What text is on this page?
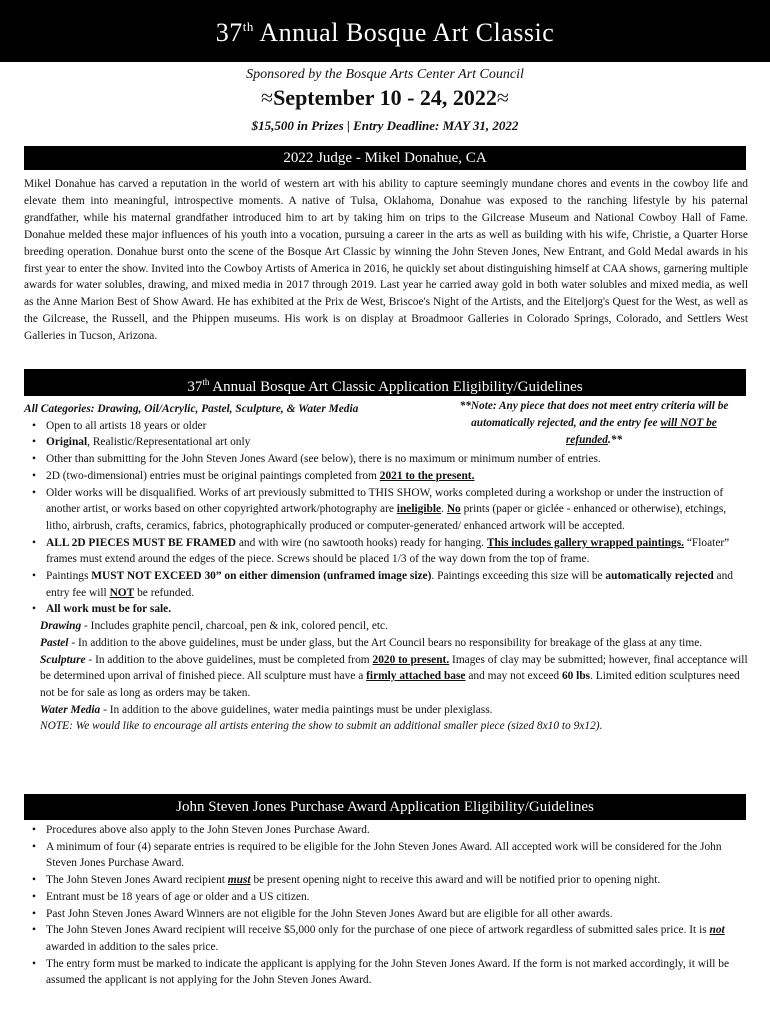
37th Annual Bosque Art Classic
Sponsored by the Bosque Arts Center Art Council
≈September 10 - 24, 2022≈
$15,500 in Prizes | Entry Deadline: MAY 31, 2022
2022 Judge - Mikel Donahue, CA
Mikel Donahue has carved a reputation in the world of western art with his ability to capture seemingly mundane chores and events in the cowboy life and elevate them into meaningful, introspective moments. A native of Tulsa, Oklahoma, Donahue was exposed to the ranching lifestyle by his paternal grandfather, while his maternal grandfather introduced him to art by taking him on trips to the Gilcrease Museum and National Cowboy Hall of Fame. Donahue melded these major influences of his youth into a vocation, pursuing a career in the arts as well as building with his wife, Christie, a Quarter Horse breeding operation. Donahue burst onto the scene of the Bosque Art Classic by winning the John Steven Jones, New Entrant, and Gold Medal awards in his first year to enter the show. Invited into the Cowboy Artists of America in 2016, he quickly set about distinguishing himself at CAA shows, garnering multiple awards for water solubles, drawing, and mixed media in 2017 through 2019. Last year he carried away gold in both water solubles and mixed media, as well as the Anne Marion Best of Show Award. He has exhibited at the Prix de West, Briscoe's Night of the Artists, and the Eiteljorg's Quest for the West, as well as the Gilcrease, the Russell, and the Phippen museums. His work is on display at Broadmoor Galleries in Colorado Springs, Colorado, and Settlers West Galleries in Tucson, Arizona.
37th Annual Bosque Art Classic Application Eligibility/Guidelines
**Note: Any piece that does not meet entry criteria will be automatically rejected, and the entry fee will NOT be refunded.**
All Categories: Drawing, Oil/Acrylic, Pastel, Sculpture, & Water Media
• Open to all artists 18 years or older
• Original, Realistic/Representational art only
• Other than submitting for the John Steven Jones Award (see below), there is no maximum or minimum number of entries.
• 2D (two-dimensional) entries must be original paintings completed from 2021 to the present.
• Older works will be disqualified. Works of art previously submitted to THIS SHOW, works completed during a workshop or under the instruction of another artist, or works based on other copyrighted artwork/photography are ineligible. No prints (paper or giclée - enhanced or otherwise), etchings, litho, airbrush, crafts, ceramics, fabrics, photographically produced or computer-generated/ enhanced artwork will be accepted.
• ALL 2D PIECES MUST BE FRAMED and with wire (no sawtooth hooks) ready for hanging. This includes gallery wrapped paintings. “Floater” frames must extend around the edges of the piece. Screws should be placed 1/3 of the way down from the top of frame.
• Paintings MUST NOT EXCEED 30” on either dimension (unframed image size). Paintings exceeding this size will be automatically rejected and entry fee will NOT be refunded.
• All work must be for sale.
Drawing - Includes graphite pencil, charcoal, pen & ink, colored pencil, etc.
Pastel - In addition to the above guidelines, must be under glass, but the Art Council bears no responsibility for breakage of the glass at any time.
Sculpture - In addition to the above guidelines, must be completed from 2020 to present. Images of clay may be submitted; however, final acceptance will be determined upon arrival of finished piece. All sculpture must have a firmly attached base and may not exceed 60 lbs. Limited edition sculptures need not be for sale as long as orders may be taken.
Water Media - In addition to the above guidelines, water media paintings must be under plexiglass.
NOTE: We would like to encourage all artists entering the show to submit an additional smaller piece (sized 8x10 to 9x12).
John Steven Jones Purchase Award Application Eligibility/Guidelines
• Procedures above also apply to the John Steven Jones Purchase Award.
• A minimum of four (4) separate entries is required to be eligible for the John Steven Jones Award. All accepted work will be considered for the John Steven Jones Purchase Award.
• The John Steven Jones Award recipient must be present opening night to receive this award and will be notified prior to opening night.
• Entrant must be 18 years of age or older and a US citizen.
• Past John Steven Jones Award Winners are not eligible for the John Steven Jones Award but are eligible for all other awards.
• The John Steven Jones Award recipient will receive $5,000 only for the purchase of one piece of artwork regardless of submitted sales price. It is not awarded in addition to the sales price.
• The entry form must be marked to indicate the applicant is applying for the John Steven Jones Award. If the form is not marked accordingly, it will be assumed the applicant is not applying for the John Steven Jones Award.
